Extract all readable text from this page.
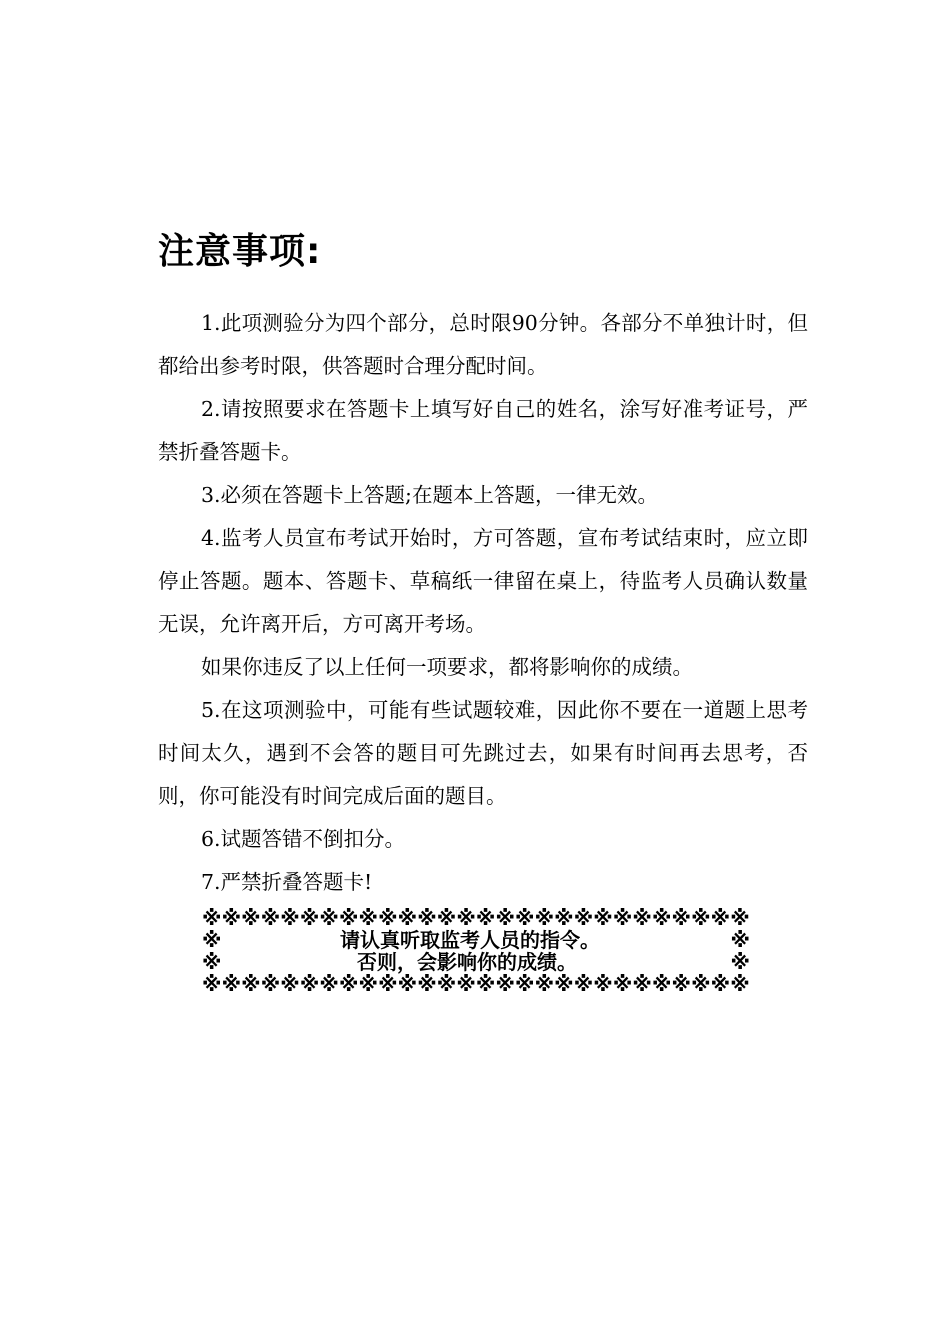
注意事项:

1.此项测验分为四个部分，总时限90分钟。各部分不单独计时，但都给出参考时限，供答题时合理分配时间。

2.请按照要求在答题卡上填写好自己的姓名，涂写好准考证号，严禁折叠答题卡。

3.必须在答题卡上答题;在题本上答题，一律无效。

4.监考人员宣布考试开始时，方可答题，宣布考试结束时，应立即停止答题。题本、答题卡、草稿纸一律留在桌上，待监考人员确认数量无误，允许离开后，方可离开考场。

如果你违反了以上任何一项要求，都将影响你的成绩。

5.在这项测验中，可能有些试题较难，因此你不要在一道题上思考时间太久，遇到不会答的题目可先跳过去，如果有时间再去思考，否则，你可能没有时间完成后面的题目。

6.试题答错不倒扣分。

7.严禁折叠答题卡!

※ ※ ※ ※ ※ ※ ※ ※ ※ ※ ※ ※ ※ ※ ※ ※ ※ ※ ※ ※ ※ ※ ※ ※ ※ ※ ※ ※
※	请认真听取监考人员的指令。	※
※	否则，会影响你的成绩。	※
※ ※ ※ ※ ※ ※ ※ ※ ※ ※ ※ ※ ※ ※ ※ ※ ※ ※ ※ ※ ※ ※ ※ ※ ※ ※ ※ ※
